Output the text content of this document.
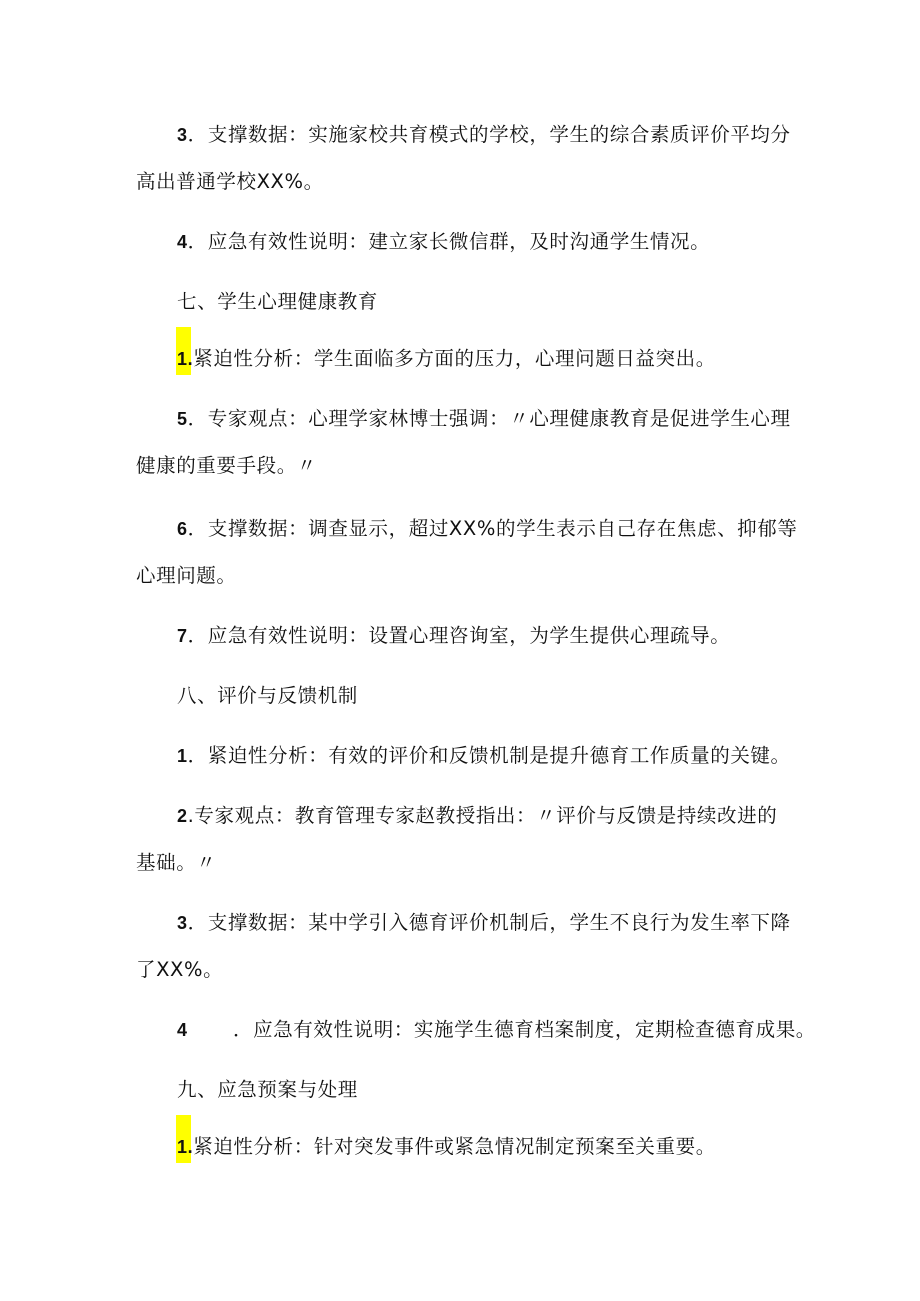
3．支撑数据：实施家校共育模式的学校，学生的综合素质评价平均分
高出普通学校XX%。
4．应急有效性说明：建立家长微信群，及时沟通学生情况。
七、学生心理健康教育
1.紧迫性分析：学生面临多方面的压力，心理问题日益突出。
5．专家观点：心理学家林博士强调：〃心理健康教育是促进学生心理
健康的重要手段。〃
6．支撑数据：调查显示，超过XX%的学生表示自己存在焦虑、抑郁等
心理问题。
7．应急有效性说明：设置心理咨询室，为学生提供心理疏导。
八、评价与反馈机制
1．紧迫性分析：有效的评价和反馈机制是提升德育工作质量的关键。
2.专家观点：教育管理专家赵教授指出：〃评价与反馈是持续改进的
基础。〃
3．支撑数据：某中学引入德育评价机制后，学生不良行为发生率下降
了XX%。
4 ．应急有效性说明：实施学生德育档案制度，定期检查德育成果。
九、应急预案与处理
1.紧迫性分析：针对突发事件或紧急情况制定预案至关重要。
